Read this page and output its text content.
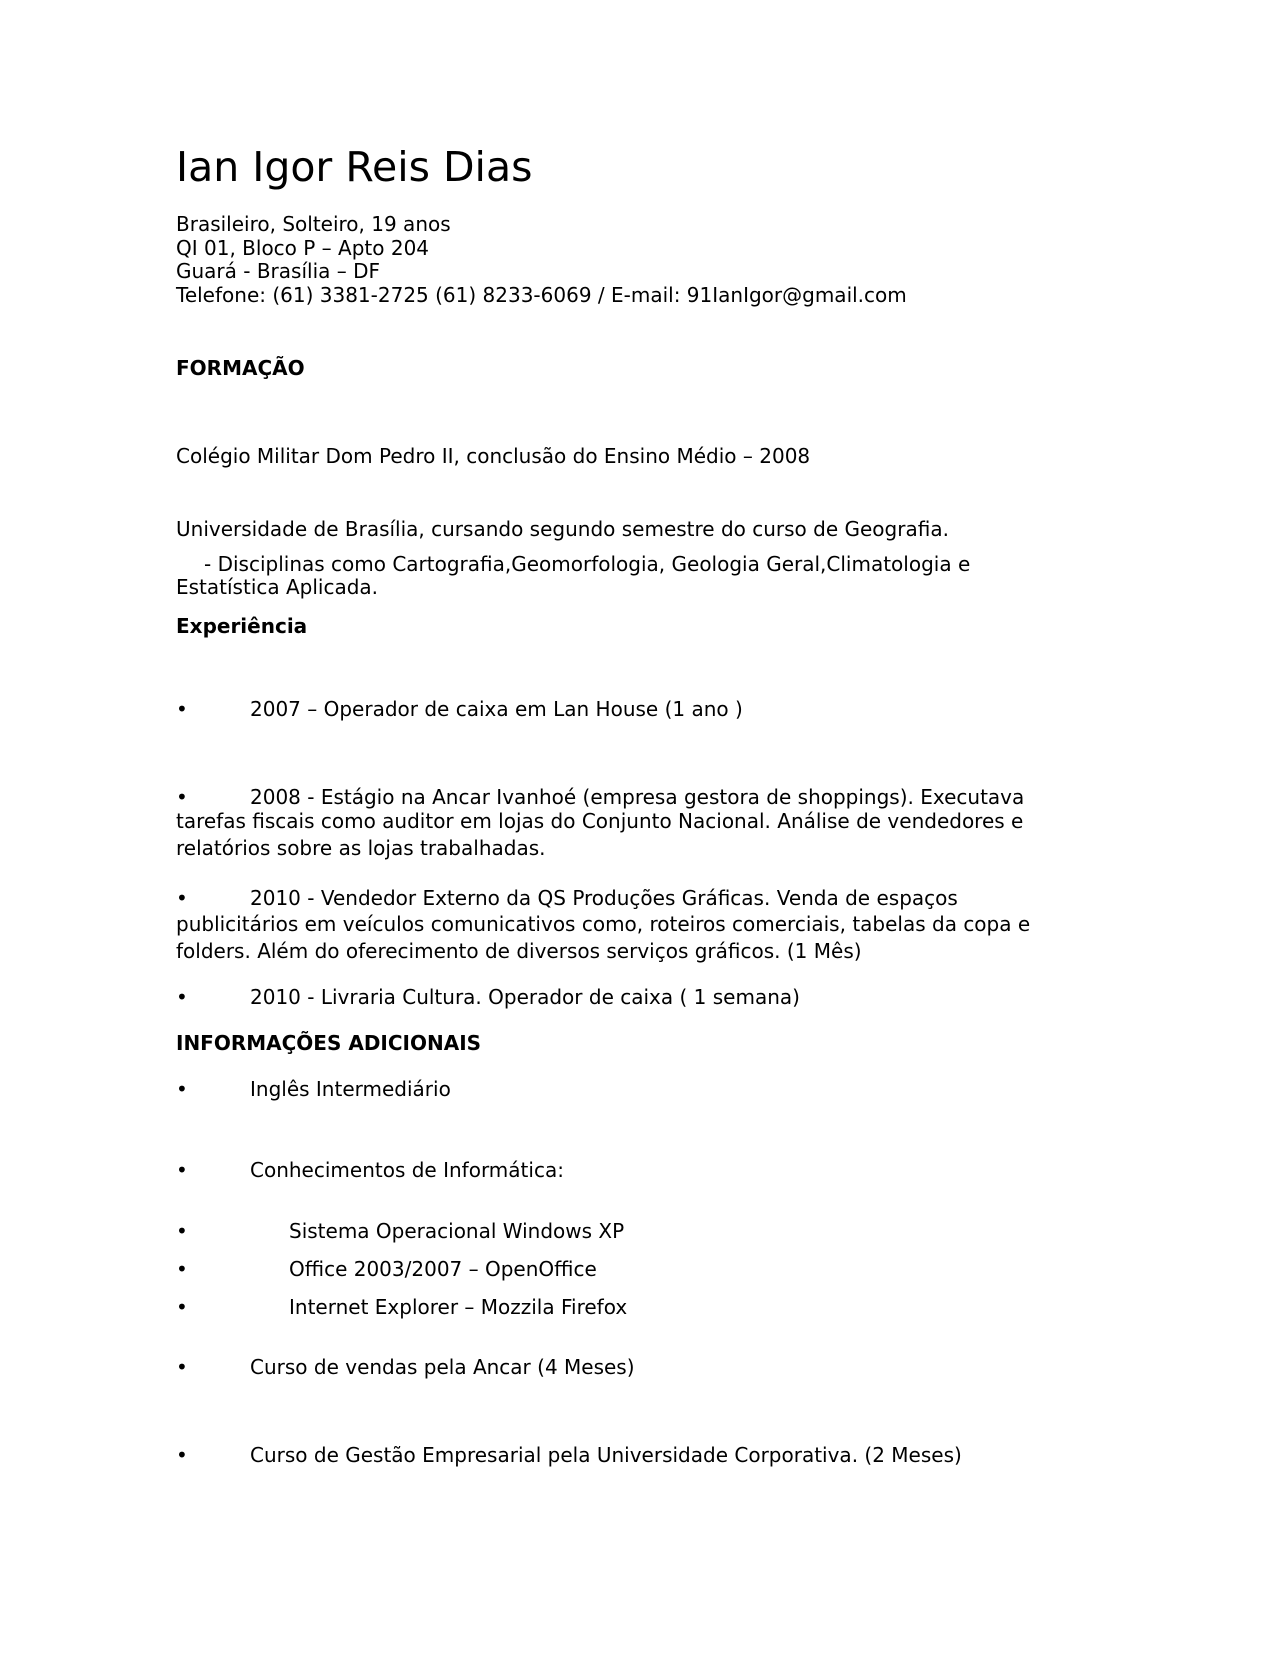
Ian Igor Reis Dias
Brasileiro, Solteiro, 19 anos
QI 01, Bloco P – Apto 204
Guará - Brasília – DF
Telefone: (61) 3381-2725 (61) 8233-6069 / E-mail: 91IanIgor@gmail.com
FORMAÇÃO
Colégio Militar Dom Pedro II, conclusão do Ensino Médio – 2008
Universidade de Brasília, cursando segundo semestre do curso de Geografia.
- Disciplinas como Cartografia,Geomorfologia, Geologia Geral,Climatologia e Estatística Aplicada.
Experiência
•	2007 – Operador de caixa em Lan House (1 ano )
•	2008 - Estágio na Ancar Ivanhoé (empresa gestora de shoppings). Executava
tarefas fiscais como auditor em lojas do Conjunto Nacional. Análise de vendedores e relatórios sobre as lojas trabalhadas.
•	2010 - Vendedor Externo da QS Produções Gráficas. Venda de espaços
publicitários em veículos comunicativos como, roteiros comerciais, tabelas da copa e folders. Além do oferecimento de diversos serviços gráficos. (1 Mês)
•	2010 - Livraria Cultura. Operador de caixa ( 1 semana)
INFORMAÇÕES ADICIONAIS
•	Inglês Intermediário
•	Conhecimentos de Informática:
•	Sistema Operacional Windows XP
•	Office 2003/2007 – OpenOffice
•	Internet Explorer – Mozzila Firefox
•	Curso de vendas pela Ancar (4 Meses)
•	Curso de Gestão Empresarial pela Universidade Corporativa. (2 Meses)
